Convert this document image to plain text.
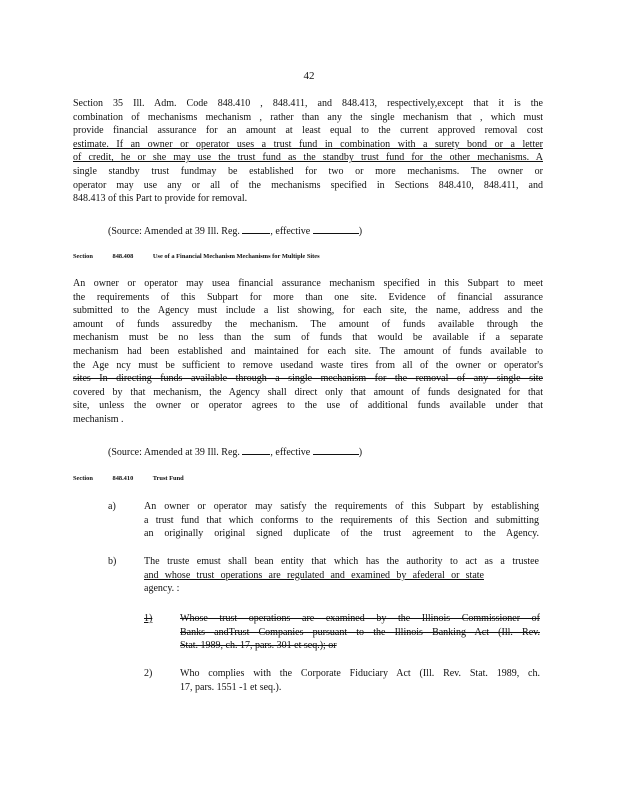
42
Section 35 Ill. Adm. Code 848.410 , 848.411, and 848.413, respectively,except that it is the
combination of mechanisms mechanism , rather than any the single mechanism that , which must
provide financial assurance for an amount at least equal to the current approved removal cost
estimate. If an owner or operator uses a trust fund in combination with a surety bond or a letter
of credit, he or she may use the trust fund as the standby trust fund for the other mechanisms. A
single standby trust fundmay be established for two or more mechanisms. The owner or
operator may use any or all of the mechanisms specified in Sections 848.410, 848.411, and
848.413 of this Part to provide for removal.
(Source: Amended at 39 Ill. Reg.	, effective	)
Section	848.408	Use of a Financial Mechanism Mechanisms for Multiple Sites
An owner or operator may usea financial assurance mechanism specified in this Subpart to meet
the requirements of this Subpart for more than one site. Evidence of financial assurance
submitted to the Agency must include a list showing, for each site, the name, address and the
amount of funds assuredby the mechanism. The amount of funds available through the
mechanism must be no less than the sum of funds that would be available if a separate
mechanism had been established and maintained for each site. The amount of funds available to
the Age ncy must be sufficient to remove usedand waste tires from all of the owner or operator's
sites In directing funds available through a single mechanism for the removal of any single site
covered by that mechanism, the Agency shall direct only that amount of funds designated for that
site, unless the owner or operator agrees to the use of additional funds available under that
mechanism .
(Source: Amended at 39 Ill. Reg.	, effective	)
Section	848.410	Trust Fund
a)	An owner or operator may satisfy the requirements of this Subpart by establishing
a trust fund that which conforms to the requirements of this Section and submitting
an originally original signed duplicate of the trust agreement to the Agency.
b)	The truste emust shall bean entity that which has the authority to act as a trustee
and whose trust operations are regulated and examined by afederal or state
agency. :
1)	Whose trust operations are examined by the Illinois Commissioner of
Banks andTrust Companies pursuant to the Illinois Banking Act (Ill. Rev.
Stat. 1989, ch. 17, pars. 301 et seq.); or
2)	Who complies with the Corporate Fiduciary Act (Ill. Rev. Stat. 1989, ch.
17, pars. 1551 -1 et seq.).
